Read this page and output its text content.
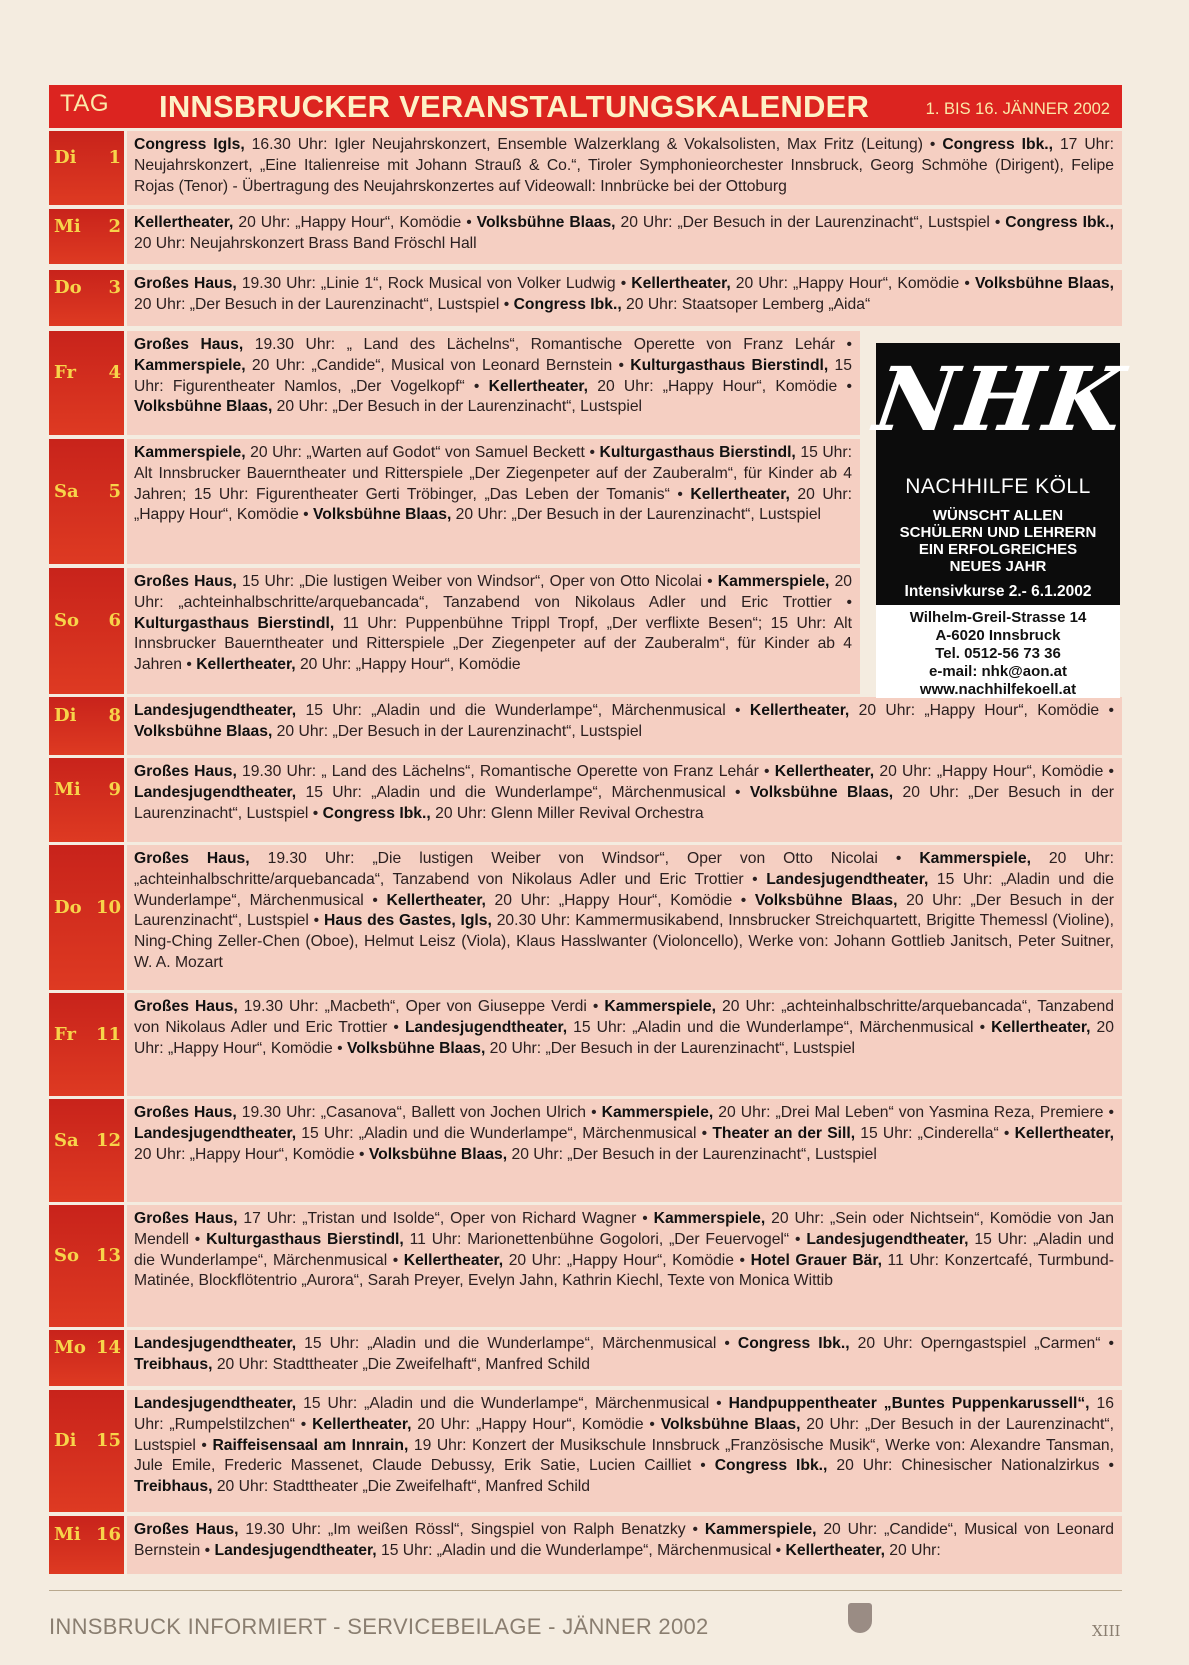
TAG INNSBRUCKER VERANSTALTUNGSKALENDER	1. BIS 16. JÄNNER 2002
Di 1
Congress Igls, 16.30 Uhr: Igler Neujahrskonzert, Ensemble Walzerklang & Vokalsolisten, Max Fritz (Leitung) • Congress Ibk., 17 Uhr: Neujahrskonzert, „Eine Italienreise mit Johann Strauß & Co.“, Tiroler Symphonieorchester Innsbruck, Georg Schmöhe (Dirigent), Felipe Rojas (Tenor) - Übertragung des Neujahrskonzertes auf Videowall: Innbrücke bei der Ottoburg
Mi 2 Kellertheater, 20 Uhr: „Happy Hour“, Komödie • Volksbühne Blaas, 20 Uhr: „Der Besuch in der Laurenzinacht“, Lustspiel • Congress Ibk., 20 Uhr: Neujahrskonzert Brass Band Fröschl Hall
Do 3 Großes Haus, 19.30 Uhr: „Linie 1“, Rock Musical von Volker Ludwig • Kellertheater, 20 Uhr: „Happy Hour“, Komödie • Volksbühne Blaas, 20 Uhr: „Der Besuch in der Laurenzinacht“, Lustspiel • Congress Ibk., 20 Uhr: Staatsoper Lemberg „Aida“
Fr 4
Großes Haus, 19.30 Uhr: „ Land des Lächelns“, Romantische Operette von Franz Lehár • Kammerspiele, 20 Uhr: „Candide“, Musical von Leonard Bernstein • Kulturgasthaus Bierstindl, 15 Uhr: Figurentheater Namlos, „Der Vogelkopf“ • Kellertheater, 20 Uhr: „Happy Hour“, Komödie • Volksbühne Blaas, 20 Uhr: „Der Besuch in der Laurenzinacht“, Lustspiel
Sa 5
Kammerspiele, 20 Uhr: „Warten auf Godot“ von Samuel Beckett • Kulturgasthaus Bierstindl, 15 Uhr: Alt Innsbrucker Bauerntheater und Ritterspiele „Der Ziegenpeter auf der Zauberalm“, für Kinder ab 4 Jahren; 15 Uhr: Figurentheater Gerti Tröbinger, „Das Leben der Tomanis“ • Kellertheater, 20 Uhr: „Happy Hour“, Komödie • Volksbühne Blaas, 20 Uhr: „Der Besuch in der Laurenzinacht“, Lustspiel
So 6
Großes Haus, 15 Uhr: „Die lustigen Weiber von Windsor“, Oper von Otto Nicolai • Kammerspiele, 20 Uhr: „achteinhalbschritte/arquebancada“, Tanzabend von Nikolaus Adler und Eric Trottier • Kulturgasthaus Bierstindl, 11 Uhr: Puppenbühne Trippl Tropf, „Der verflixte Besen“; 15 Uhr: Alt Innsbrucker Bauerntheater und Ritterspiele „Der Ziegenpeter auf der Zauberalm“, für Kinder ab 4 Jahren • Kellertheater, 20 Uhr: „Happy Hour“, Komödie
Di 8 Landesjugendtheater, 15 Uhr: „Aladin und die Wunderlampe“, Märchenmusical • Kellertheater, 20 Uhr: „Happy Hour“, Komödie • Volksbühne Blaas, 20 Uhr: „Der Besuch in der Laurenzinacht“, Lustspiel
Mi 9
Großes Haus, 19.30 Uhr: „ Land des Lächelns“, Romantische Operette von Franz Lehár • Kellertheater, 20 Uhr: „Happy Hour“, Komödie • Landesjugendtheater, 15 Uhr: „Aladin und die Wunderlampe“, Märchenmusical • Volksbühne Blaas, 20 Uhr: „Der Besuch in der Laurenzinacht“, Lustspiel • Congress Ibk., 20 Uhr: Glenn Miller Revival Orchestra
Do 10
Großes Haus, 19.30 Uhr: „Die lustigen Weiber von Windsor“, Oper von Otto Nicolai • Kammerspiele, 20 Uhr: „achteinhalbschritte/arquebancada“, Tanzabend von Nikolaus Adler und Eric Trottier • Landesjugendtheater, 15 Uhr: „Aladin und die Wunderlampe“, Märchenmusical • Kellertheater, 20 Uhr: „Happy Hour“, Komödie • Volksbühne Blaas, 20 Uhr: „Der Besuch in der Laurenzinacht“, Lustspiel • Haus des Gastes, Igls, 20.30 Uhr: Kammermusikabend, Innsbrucker Streichquartett, Brigitte Themessl (Violine), Ning-Ching Zeller-Chen (Oboe), Helmut Leisz (Viola), Klaus Hasslwanter (Violoncello), Werke von: Johann Gottlieb Janitsch, Peter Suitner, W. A. Mozart
Fr 11
Großes Haus, 19.30 Uhr: „Macbeth“, Oper von Giuseppe Verdi • Kammerspiele, 20 Uhr: „achteinhalbschritte/arquebancada“, Tanzabend von Nikolaus Adler und Eric Trottier • Landesjugendtheater, 15 Uhr: „Aladin und die Wunderlampe“, Märchenmusical • Kellertheater, 20 Uhr: „Happy Hour“, Komödie • Volksbühne Blaas, 20 Uhr: „Der Besuch in der Laurenzinacht“, Lustspiel
Sa 12
Großes Haus, 19.30 Uhr: „Casanova“, Ballett von Jochen Ulrich • Kammerspiele, 20 Uhr: „Drei Mal Leben“ von Yasmina Reza, Premiere • Landesjugendtheater, 15 Uhr: „Aladin und die Wunderlampe“, Märchenmusical • Theater an der Sill, 15 Uhr: „Cinderella“ • Kellertheater, 20 Uhr: „Happy Hour“, Komödie • Volksbühne Blaas, 20 Uhr: „Der Besuch in der Laurenzinacht“, Lustspiel
So 13
Großes Haus, 17 Uhr: „Tristan und Isolde“, Oper von Richard Wagner • Kammerspiele, 20 Uhr: „Sein oder Nichtsein“, Komödie von Jan Mendell • Kulturgasthaus Bierstindl, 11 Uhr: Marionettenbühne Gogolori, „Der Feuervogel“ • Landesjugendtheater, 15 Uhr: „Aladin und die Wunderlampe“, Märchenmusical • Kellertheater, 20 Uhr: „Happy Hour“, Komödie • Hotel Grauer Bär, 11 Uhr: Konzertcafé, Turmbund-Matinée, Blockflötentrio „Aurora“, Sarah Preyer, Evelyn Jahn, Kathrin Kiechl, Texte von Monica Wittib
Mo 14 Landesjugendtheater, 15 Uhr: „Aladin und die Wunderlampe“, Märchenmusical • Congress Ibk., 20 Uhr: Operngastspiel „Carmen“ • Treibhaus, 20 Uhr: Stadttheater „Die Zweifelhaft“, Manfred Schild
Di 15
Landesjugendtheater, 15 Uhr: „Aladin und die Wunderlampe“, Märchenmusical • Handpuppentheater „Buntes Puppenkarussell“, 16 Uhr: „Rumpelstilzchen“ • Kellertheater, 20 Uhr: „Happy Hour“, Komödie • Volksbühne Blaas, 20 Uhr: „Der Besuch in der Laurenzinacht“, Lustspiel • Raiffeisensaal am Innrain, 19 Uhr: Konzert der Musikschule Innsbruck „Französische Musik“, Werke von: Alexandre Tansman, Jule Emile, Frederic Massenet, Claude Debussy, Erik Satie, Lucien Cailliet • Congress Ibk., 20 Uhr: Chinesischer Nationalzirkus • Treibhaus, 20 Uhr: Stadttheater „Die Zweifelhaft“, Manfred Schild
Mi 16 Großes Haus, 19.30 Uhr: „Im weißen Rössl“, Singspiel von Ralph Benatzky • Kammerspiele, 20 Uhr: „Candide“, Musical von Leonard Bernstein • Landesjugendtheater, 15 Uhr: „Aladin und die Wunderlampe“, Märchenmusical • Kellertheater, 20 Uhr:
NHK
NACHHILFE KÖLL
WÜNSCHT ALLEN
SCHÜLERN UND LEHRERN
EIN ERFOLGREICHES
NEUES JAHR
Intensivkurse 2.- 6.1.2002
Wilhelm-Greil-Strasse 14
A-6020 Innsbruck
Tel. 0512-56 73 36
e-mail: nhk@aon.at
www.nachhilfekoell.at
INNSBRUCK INFORMIERT - SERVICEBEILAGE - JÄNNER 2002	XIII
